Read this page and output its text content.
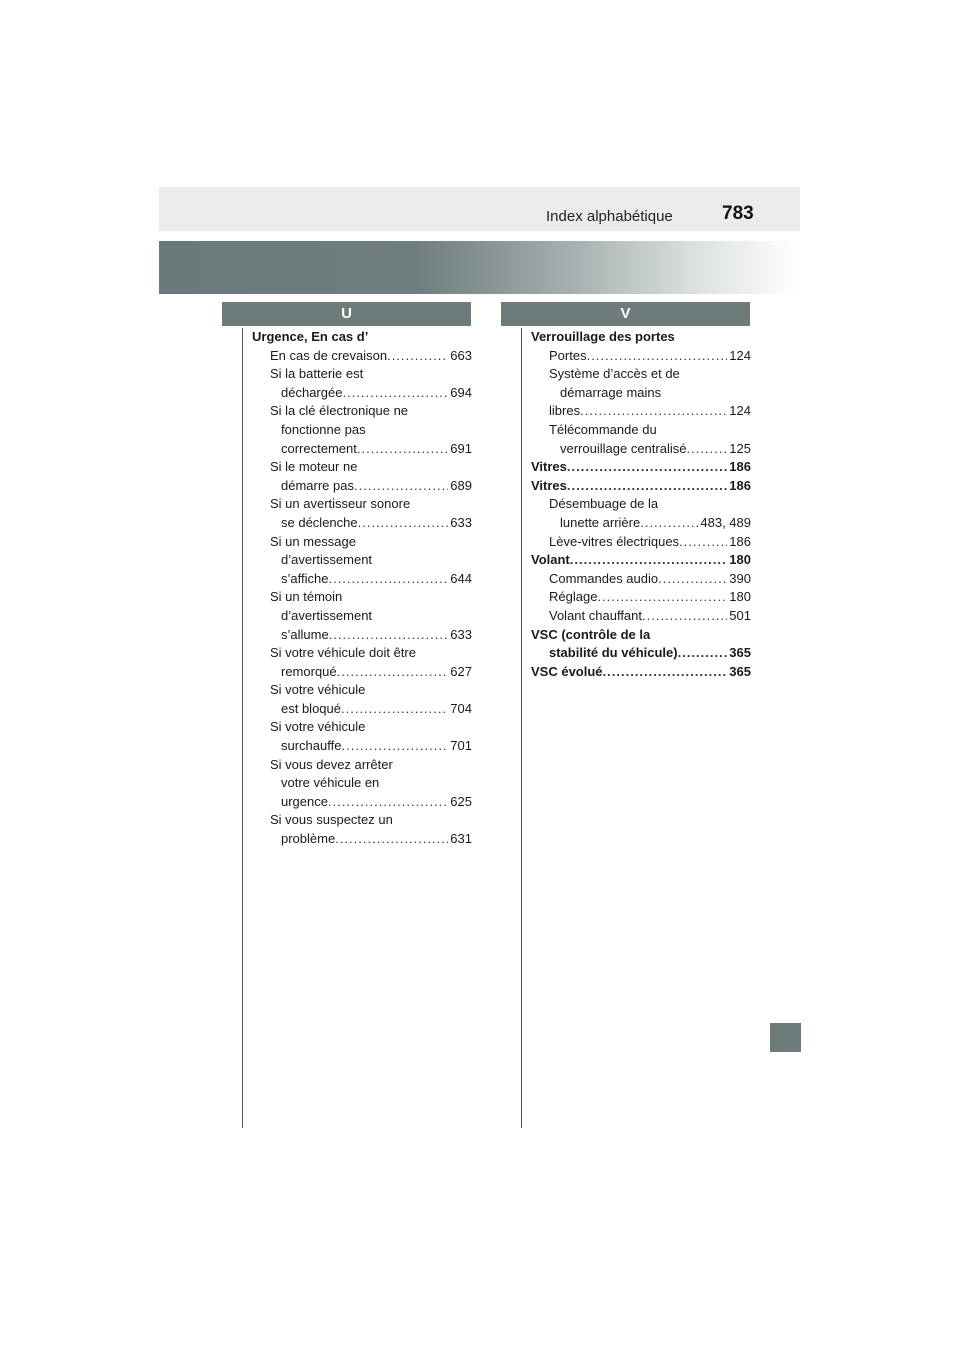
Index alphabétique	783
U	V
Urgence, En cas d’
En cas de crevaison .....	663
Si la batterie est
déchargée .....	694
Si la clé électronique ne
fonctionne pas
correctement .....	691
Si le moteur ne
démarre pas .....	689
Si un avertisseur sonore
se déclenche .....	633
Si un message
d’avertissement
s’affiche .....	644
Si un témoin
d’avertissement
s’allume .....	633
Si votre véhicule doit être
remorqué .....	627
Si votre véhicule
est bloqué .....	704
Si votre véhicule
surchauffe .....	701
Si vous devez arrêter
votre véhicule en
urgence .....	625
Si vous suspectez un
problème .....	631
Verrouillage des portes
Portes .....	124
Système d’accès et de
démarrage mains
libres .....	124
Télécommande du
verrouillage centralisé .....	125
Vitres .....	186
Vitres .....	186
Désembuage de la
lunette arrière .....	483, 489
Lève-vitres électriques .....	186
Volant .....	180
Commandes audio .....	390
Réglage .....	180
Volant chauffant .....	501
VSC (contrôle de la
stabilité du véhicule) .....	365
VSC évolué .....	365
